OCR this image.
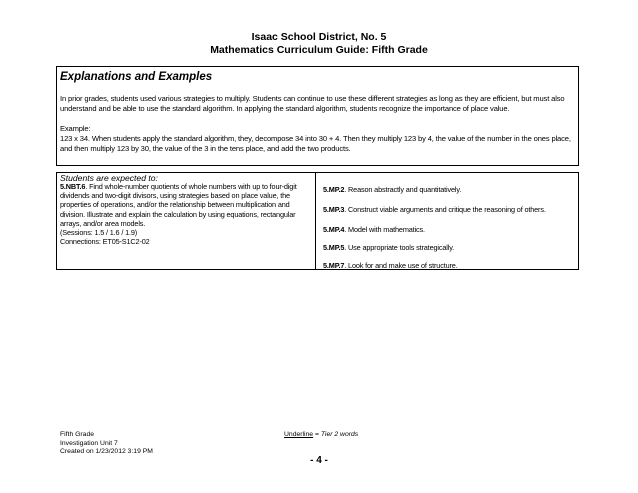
Isaac School District, No. 5
Mathematics Curriculum Guide: Fifth Grade
Explanations and Examples
In prior grades, students used various strategies to multiply. Students can continue to use these different strategies as long as they are efficient, but must also understand and be able to use the standard algorithm. In applying the standard algorithm, students recognize the importance of place value.
Example:
123 x 34. When students apply the standard algorithm, they, decompose 34 into 30 + 4. Then they multiply 123 by 4, the value of the number in the ones place, and then multiply 123 by 30, the value of the 3 in the tens place, and add the two products.
Students are expected to:
5.NBT.6. Find whole-number quotients of whole numbers with up to four-digit dividends and two-digit divisors, using strategies based on place value, the properties of operations, and/or the relationship between multiplication and division. Illustrate and explain the calculation by using equations, rectangular arrays, and/or area models.
(Sessions: 1.5 / 1.6 / 1.9)
Connections: ET05-S1C2-02
5.MP.2. Reason abstractly and quantitatively.
5.MP.3. Construct viable arguments and critique the reasoning of others.
5.MP.4. Model with mathematics.
5.MP.5. Use appropriate tools strategically.
5.MP.7. Look for and make use of structure.
Fifth Grade
Investigation Unit 7
Created on 1/23/2012 3:19 PM
Underline = Tier 2 words
- 4 -
